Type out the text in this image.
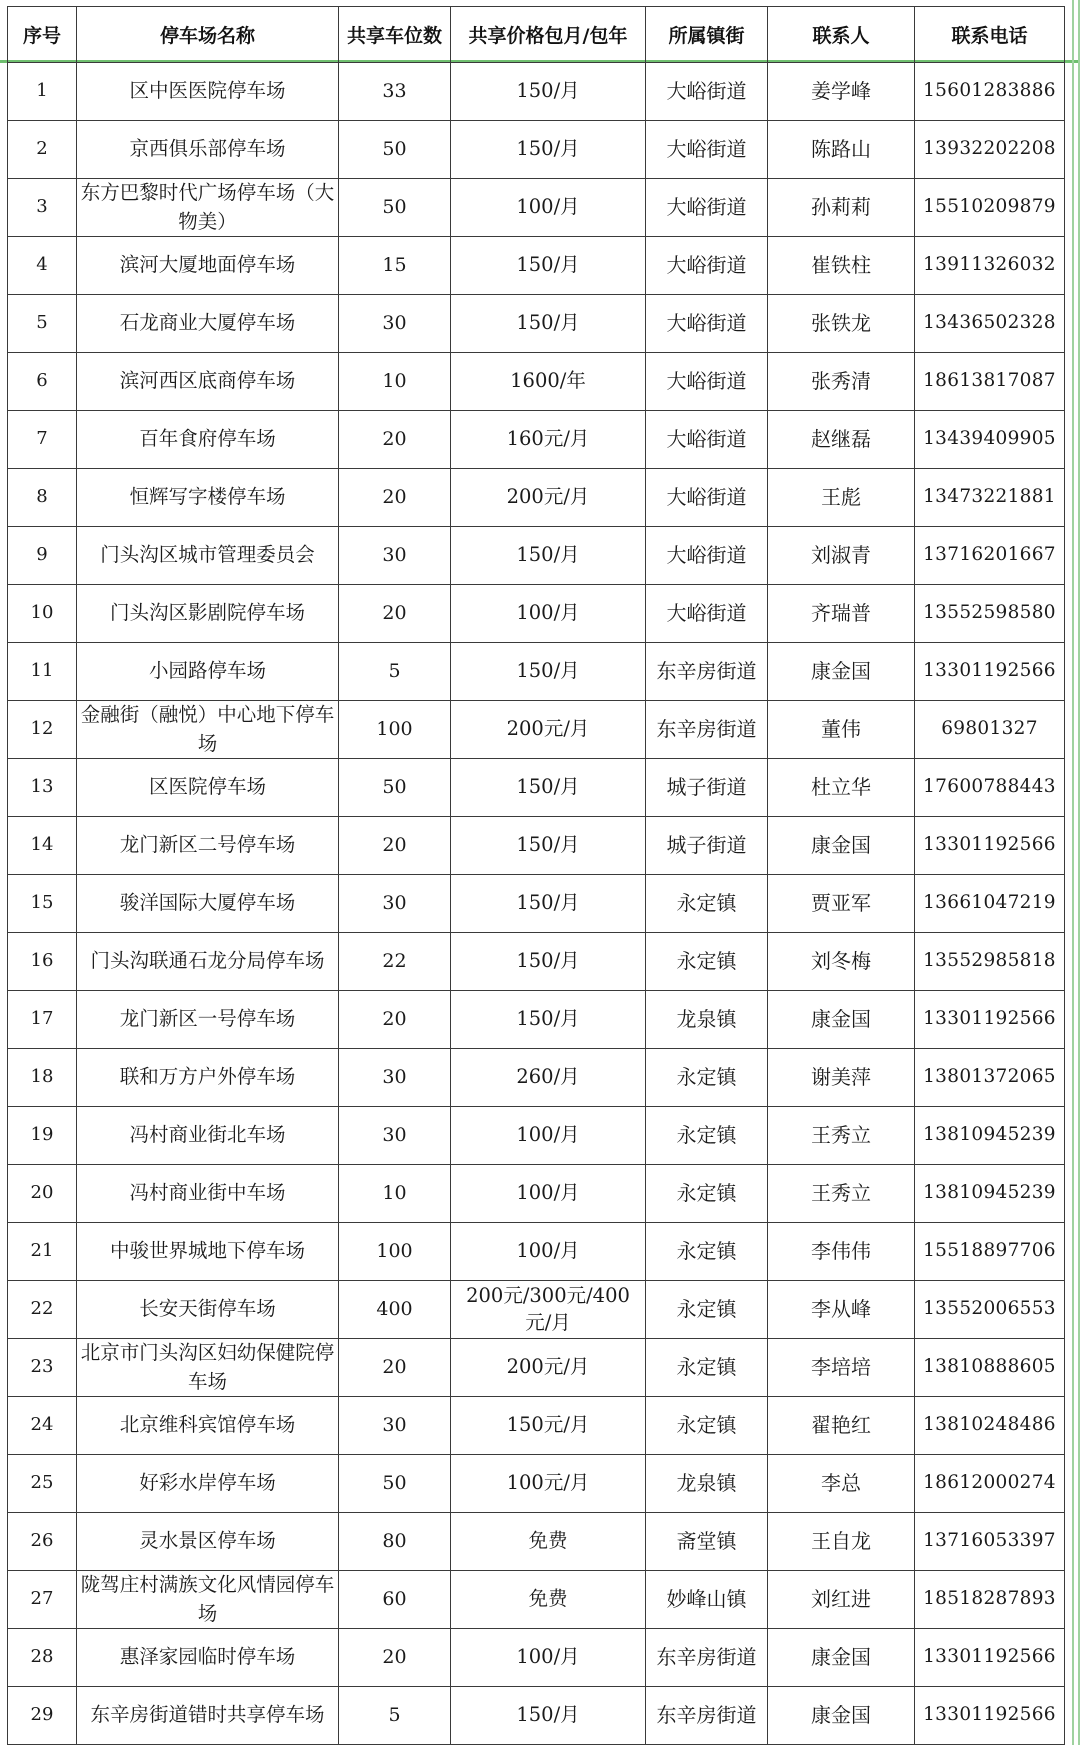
序号	停车场名称	共享车位数	共享价格包月/包年	所属镇街	联系人	联系电话
1	区中医医院停车场	33	150/月	大峪街道	姜学峰	15601283886
2	京西俱乐部停车场	50	150/月	大峪街道	陈路山	13932202208
3	东方巴黎时代广场停车场（大物美）	50	100/月	大峪街道	孙莉莉	15510209879
4	滨河大厦地面停车场	15	150/月	大峪街道	崔铁柱	13911326032
5	石龙商业大厦停车场	30	150/月	大峪街道	张铁龙	13436502328
6	滨河西区底商停车场	10	1600/年	大峪街道	张秀清	18613817087
7	百年食府停车场	20	160元/月	大峪街道	赵继磊	13439409905
8	恒辉写字楼停车场	20	200元/月	大峪街道	王彪	13473221881
9	门头沟区城市管理委员会	30	150/月	大峪街道	刘淑青	13716201667
10	门头沟区影剧院停车场	20	100/月	大峪街道	齐瑞普	13552598580
11	小园路停车场	5	150/月	东辛房街道	康金国	13301192566
12	金融街（融悦）中心地下停车场	100	200元/月	东辛房街道	董伟	69801327
13	区医院停车场	50	150/月	城子街道	杜立华	17600788443
14	龙门新区二号停车场	20	150/月	城子街道	康金国	13301192566
15	骏洋国际大厦停车场	30	150/月	永定镇	贾亚军	13661047219
16	门头沟联通石龙分局停车场	22	150/月	永定镇	刘冬梅	13552985818
17	龙门新区一号停车场	20	150/月	龙泉镇	康金国	13301192566
18	联和万方户外停车场	30	260/月	永定镇	谢美萍	13801372065
19	冯村商业街北车场	30	100/月	永定镇	王秀立	13810945239
20	冯村商业街中车场	10	100/月	永定镇	王秀立	13810945239
21	中骏世界城地下停车场	100	100/月	永定镇	李伟伟	15518897706
22	长安天街停车场	400	200元/300元/400元/月	永定镇	李从峰	13552006553
23	北京市门头沟区妇幼保健院停车场	20	200元/月	永定镇	李培培	13810888605
24	北京维科宾馆停车场	30	150元/月	永定镇	翟艳红	13810248486
25	好彩水岸停车场	50	100元/月	龙泉镇	李总	18612000274
26	灵水景区停车场	80	免费	斋堂镇	王自龙	13716053397
27	陇驾庄村满族文化风情园停车场	60	免费	妙峰山镇	刘红进	18518287893
28	惠泽家园临时停车场	20	100/月	东辛房街道	康金国	13301192566
29	东辛房街道错时共享停车场	5	150/月	东辛房街道	康金国	13301192566
